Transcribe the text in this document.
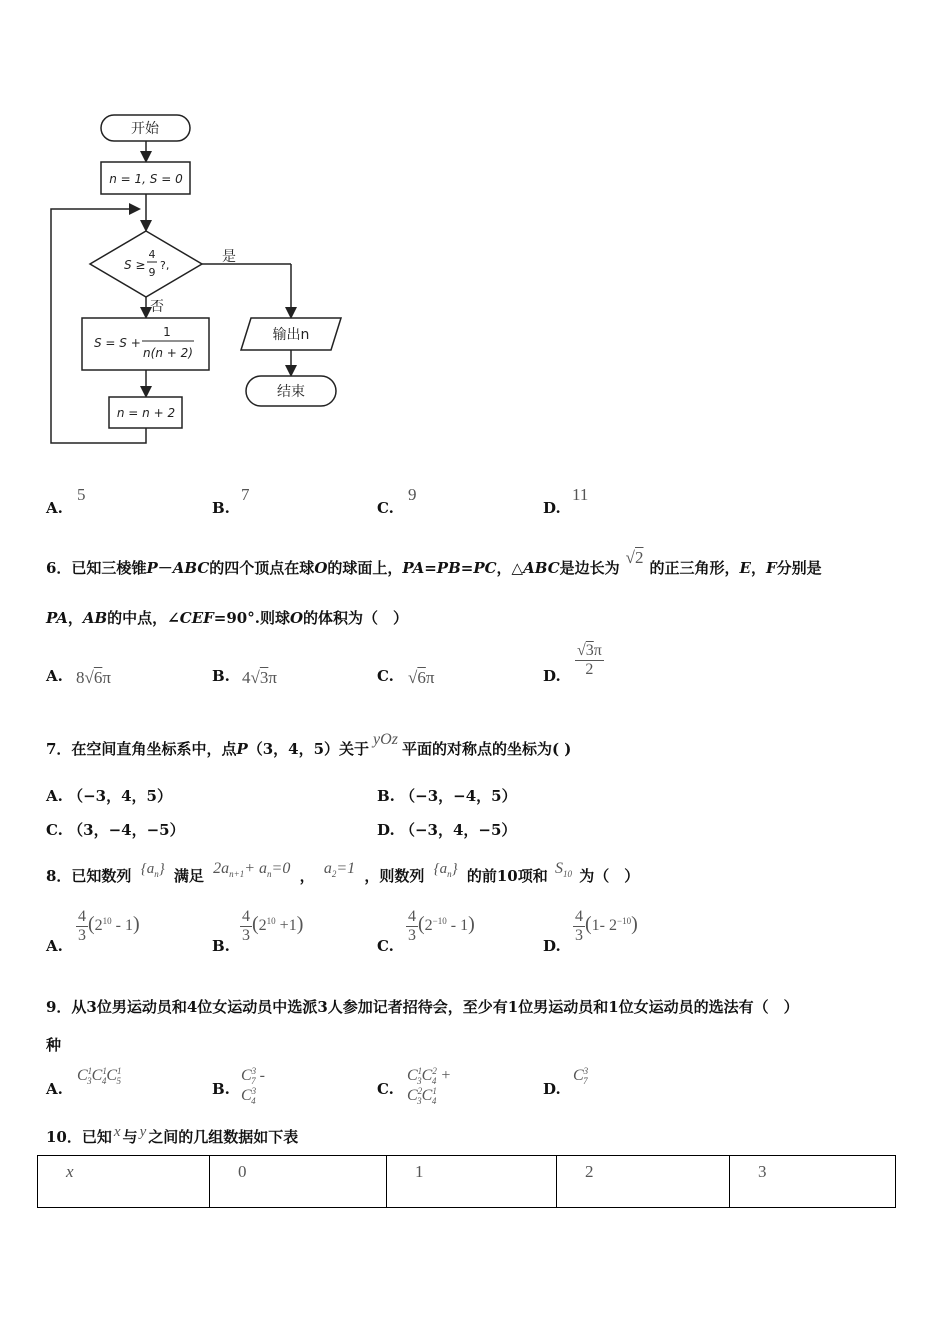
开始
n = 1, S = 0
S ≥
4
9
?,
是
输出n
结束
否
S = S +
1
n(n + 2)
n = n + 2
A.
5
B.
7
C.
9
D.
11
6．已知三棱锥P－ABC的四个顶点在球O的球面上，PA=PB=PC，△ABC是边长为√2的正三角形，E，F分别是
PA，AB的中点，∠CEF=90°.则球O的体积为（　）
A. 8√6π	B. 4√3π	C. √6π	D. $\frac{√3\pi}{2}$
7．在空间直角坐标系中，点P（3，4，5）关于yOz平面的对称点的坐标为( )
A. （−3，4，5）	B. （−3，−4，5）
C. （3，−4，−5）	D. （−3，4，−5）
8．已知数列 $\{a_n\}$ 满足 $2a_{n+1}+ a_n=0$ ， $a_2=1$ ，则数列 $\{a_n\}$ 的前10项和 $S_{10}$ 为（　）
A.
$\frac{4}{3} (2^{10} - 1)$
B.
$\frac{4}{3} (2^{10} +1)$
C.
$\frac{4}{3} (2^{-10} - 1)$
D.
$\frac{4}{3} (1-$ $2^{-10}$)
9．从3位男运动员和4位女运动员中选派3人参加记者招待会，至少有1位男运动员和1位女运动员的选法有（　）
种
A.
$C^1_3C^1_4C^1_5$	B.
$C^3_7 - C^3_4$
C.
$C^1_3C^2_4 + C^2_3C^1_4$
D.
$C^3_7$
10．已知 x 与 y 之间的几组数据如下表
x	0	1	2	3
